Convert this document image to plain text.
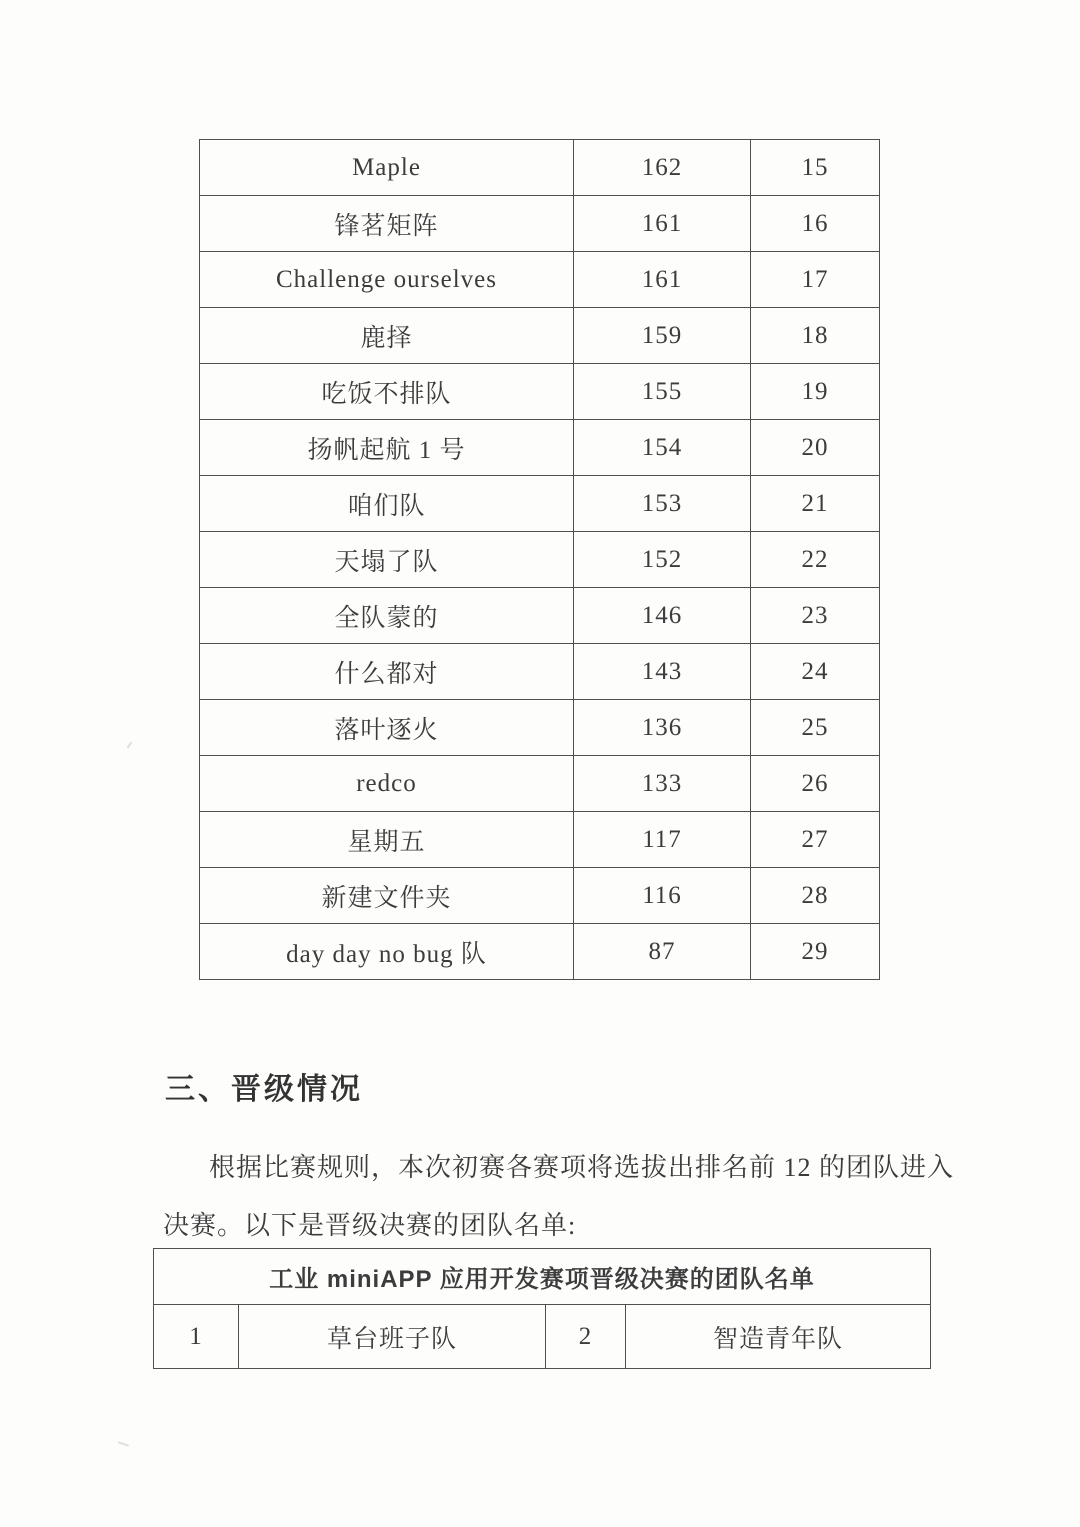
Maple	162	15
锋茗矩阵	161	16
Challenge ourselves	161	17
鹿择	159	18
吃饭不排队	155	19
扬帆起航 1 号	154	20
咱们队	153	21
天塌了队	152	22
全队蒙的	146	23
什么都对	143	24
落叶逐火	136	25
redco	133	26
星期五	117	27
新建文件夹	116	28
day day no bug 队	87	29
三、晋级情况
根据比赛规则，本次初赛各赛项将选拔出排名前 12 的团队进入
决赛。以下是晋级决赛的团队名单:
工业 miniAPP 应用开发赛项晋级决赛的团队名单
1	草台班子队	2	智造青年队
